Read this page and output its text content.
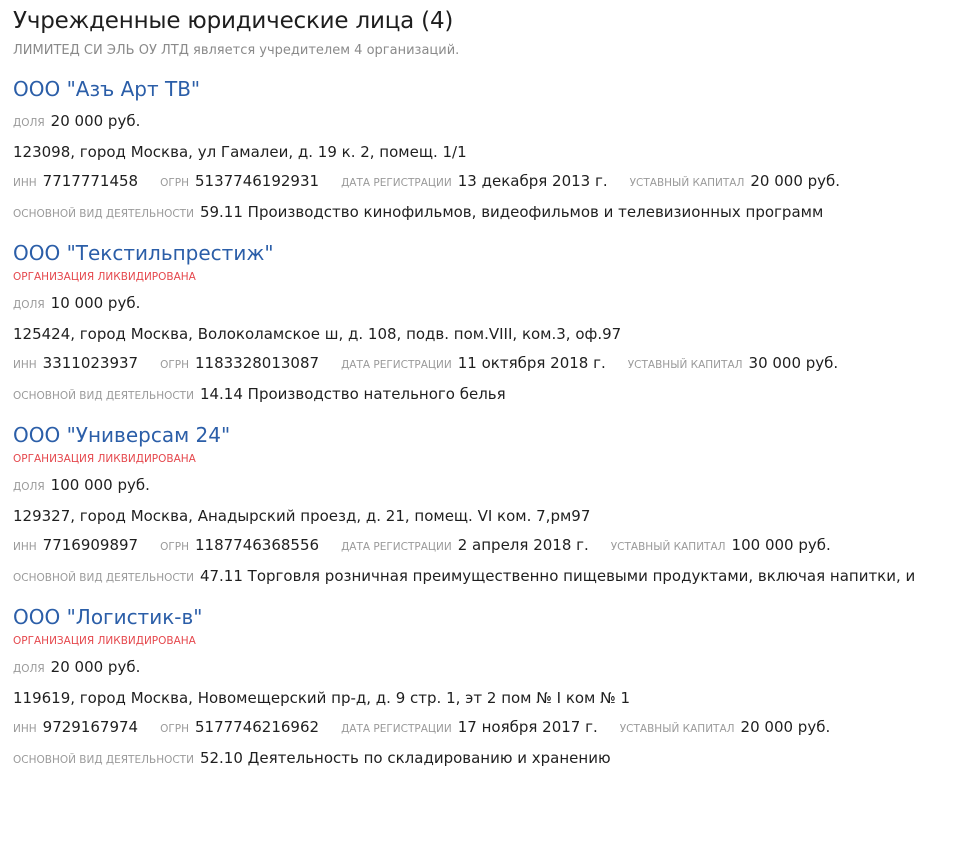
Учрежденные юридические лица (4)
ЛИМИТЕД СИ ЭЛЬ ОУ ЛТД является учредителем 4 организаций.
ООО "Азъ Арт ТВ"
ДОЛЯ 20 000 руб.
123098, город Москва, ул Гамалеи, д. 19 к. 2, помещ. 1/1
ИНН 7717771458 ОГРН 5137746192931 ДАТА РЕГИСТРАЦИИ 13 декабря 2013 г. УСТАВНЫЙ КАПИТАЛ 20 000 руб.
ОСНОВНОЙ ВИД ДЕЯТЕЛЬНОСТИ 59.11 Производство кинофильмов, видеофильмов и телевизионных программ
ООО "Текстильпрестиж"
ОРГАНИЗАЦИЯ ЛИКВИДИРОВАНА
ДОЛЯ 10 000 руб.
125424, город Москва, Волоколамское ш, д. 108, подв. пом.VIII, ком.3, оф.97
ИНН 3311023937 ОГРН 1183328013087 ДАТА РЕГИСТРАЦИИ 11 октября 2018 г. УСТАВНЫЙ КАПИТАЛ 30 000 руб.
ОСНОВНОЙ ВИД ДЕЯТЕЛЬНОСТИ 14.14 Производство нательного белья
ООО "Универсам 24"
ОРГАНИЗАЦИЯ ЛИКВИДИРОВАНА
ДОЛЯ 100 000 руб.
129327, город Москва, Анадырский проезд, д. 21, помещ. VI ком. 7,рм97
ИНН 7716909897 ОГРН 1187746368556 ДАТА РЕГИСТРАЦИИ 2 апреля 2018 г. УСТАВНЫЙ КАПИТАЛ 100 000 руб.
ОСНОВНОЙ ВИД ДЕЯТЕЛЬНОСТИ 47.11 Торговля розничная преимущественно пищевыми продуктами, включая напитки, и
ООО "Логистик-в"
ОРГАНИЗАЦИЯ ЛИКВИДИРОВАНА
ДОЛЯ 20 000 руб.
119619, город Москва, Новомещерский пр-д, д. 9 стр. 1, эт 2 пом № I ком № 1
ИНН 9729167974 ОГРН 5177746216962 ДАТА РЕГИСТРАЦИИ 17 ноября 2017 г. УСТАВНЫЙ КАПИТАЛ 20 000 руб.
ОСНОВНОЙ ВИД ДЕЯТЕЛЬНОСТИ 52.10 Деятельность по складированию и хранению
